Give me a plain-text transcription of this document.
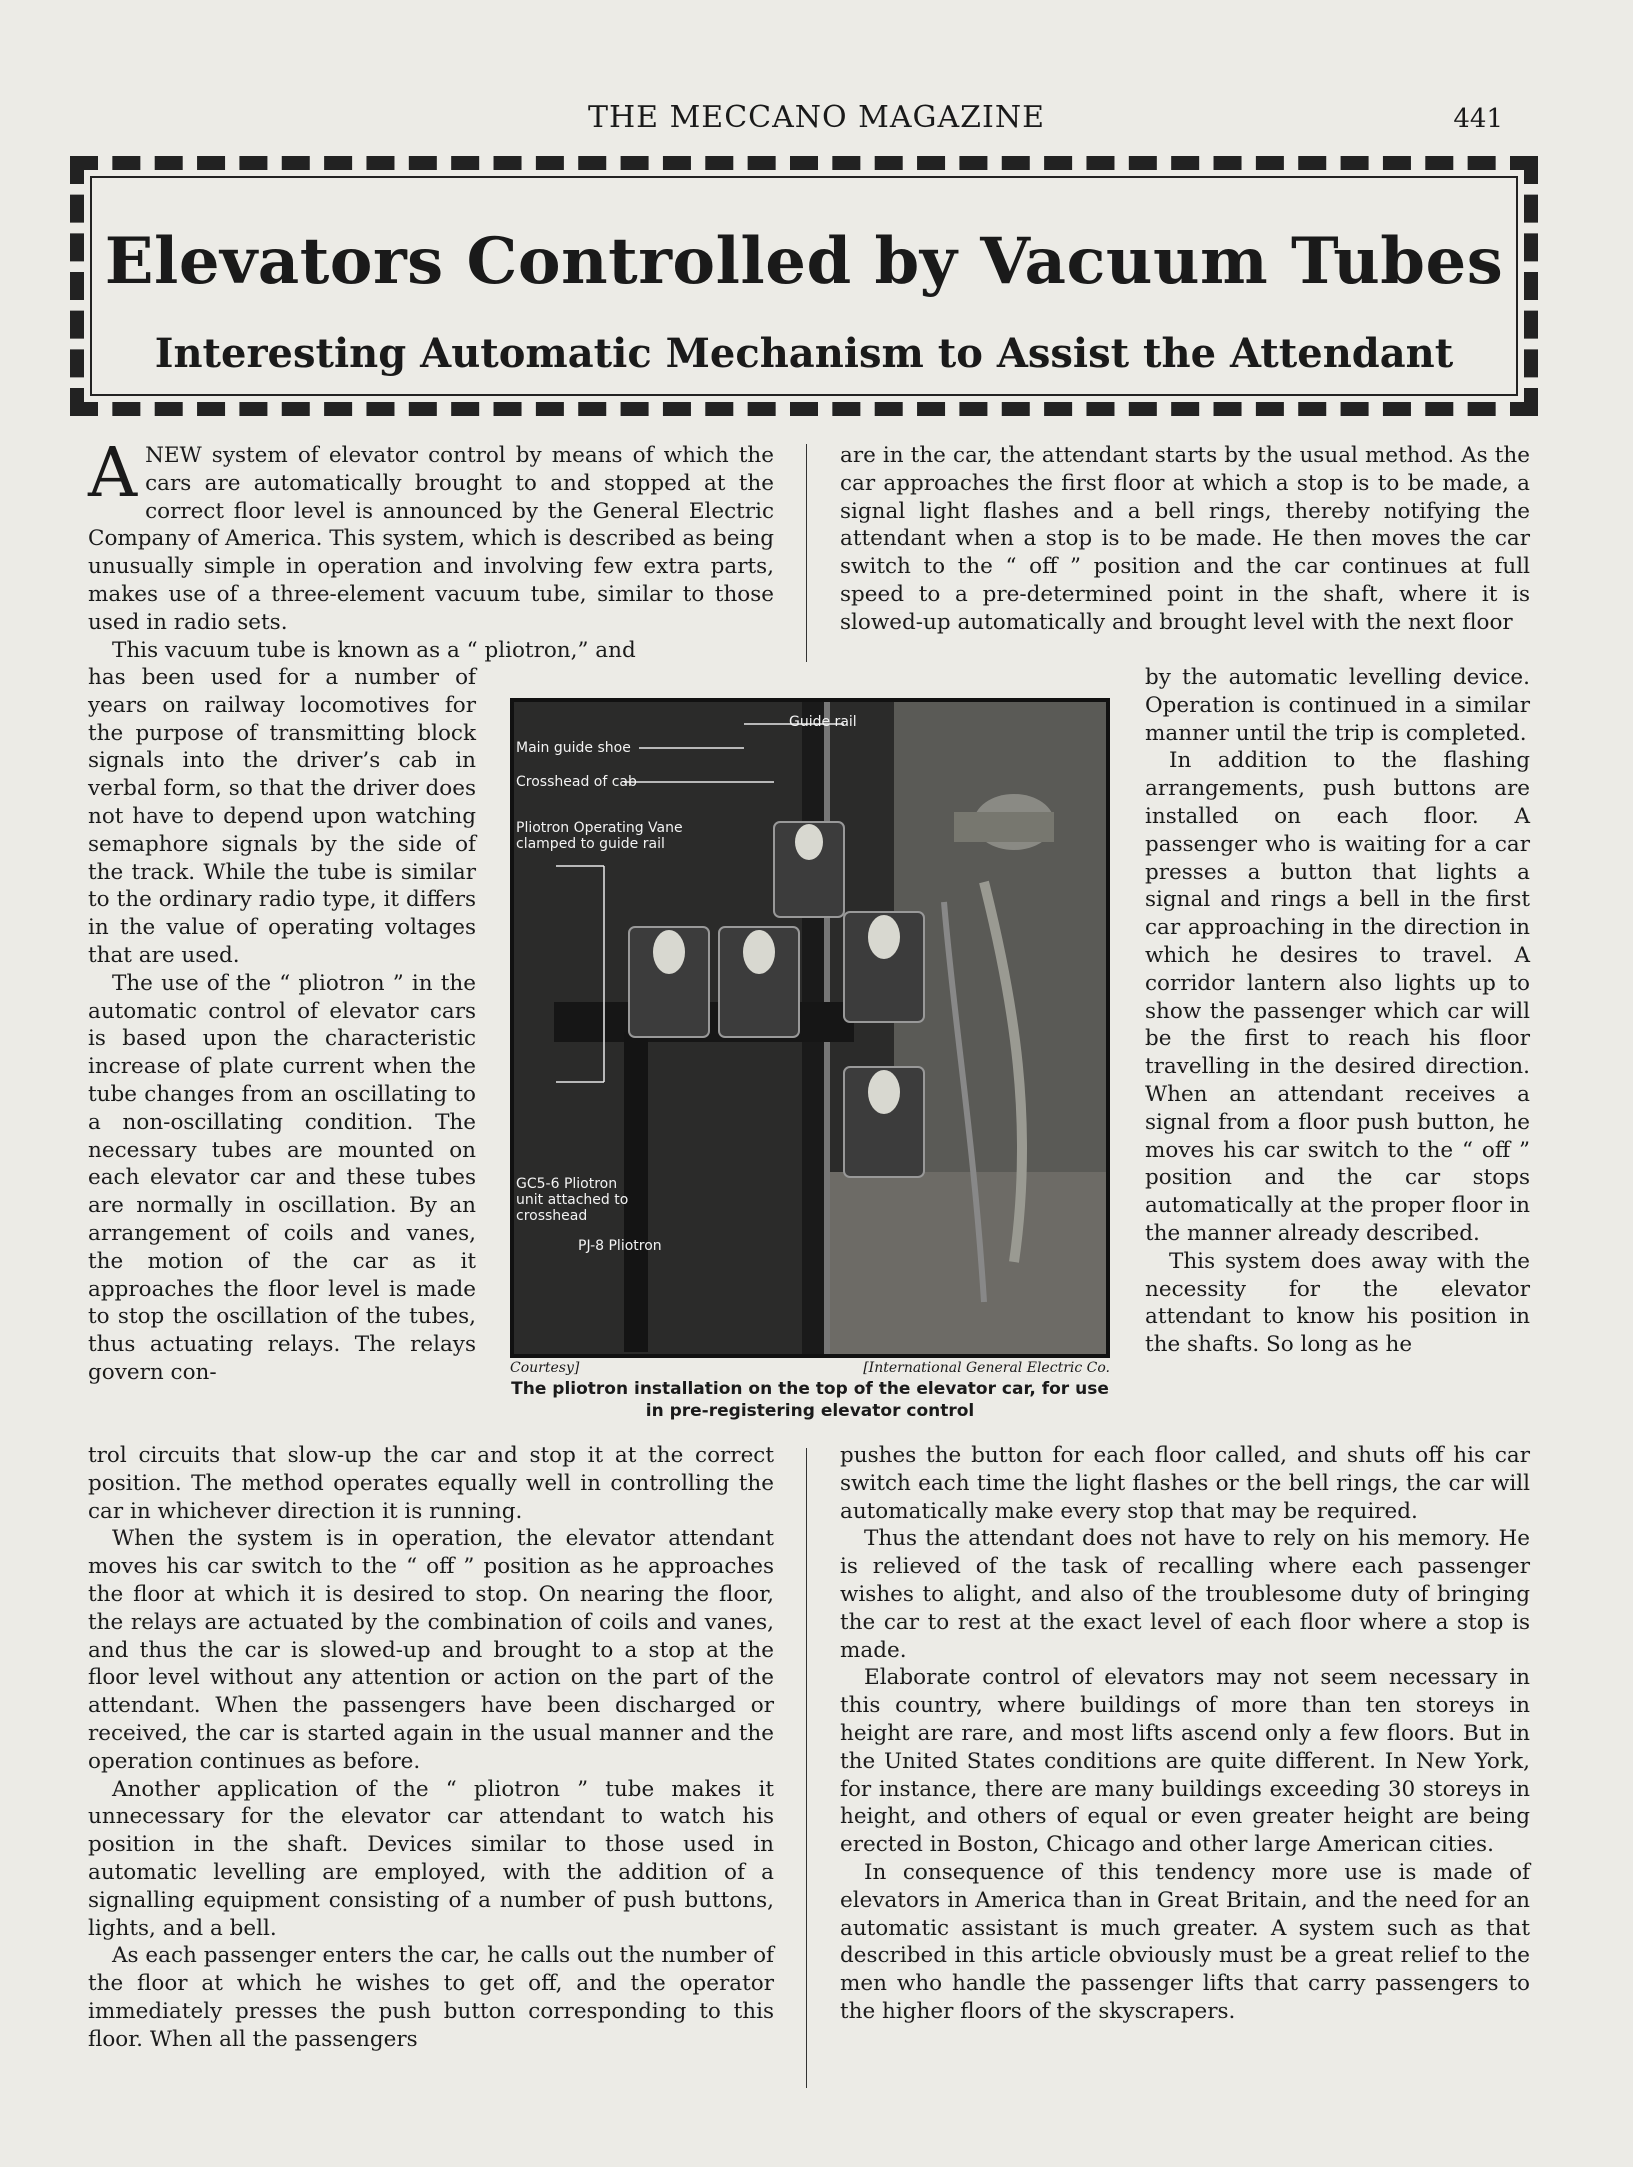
THE MECCANO MAGAZINE	441
Elevators Controlled by Vacuum Tubes
Interesting Automatic Mechanism to Assist the Attendant

ANEW system of elevator control by means of which the cars are automatically brought to and stopped at the correct floor level is announced by the General Electric Company of America. This system, which is described as being unusually simple in operation and involving few extra parts, makes use of a three-element vacuum tube, similar to those used in radio sets.

This vacuum tube is known as a “ pliotron,” and

has been used for a number of years on railway locomotives for the purpose of transmitting block signals into the driver’s cab in verbal form, so that the driver does not have to depend upon watching semaphore signals by the side of the track. While the tube is similar to the ordinary radio type, it differs in the value of operating voltages that are used.

The use of the “ pliotron ” in the automatic control of elevator cars is based upon the characteristic increase of plate current when the tube changes from an oscillating to a non-oscillating condition. The necessary tubes are mounted on each elevator car and these tubes are normally in oscillation. By an arrangement of coils and vanes, the motion of the car as it approaches the floor level is made to stop the oscillation of the tubes, thus actuating relays. The relays govern con-

trol circuits that slow-up the car and stop it at the correct position. The method operates equally well in controlling the car in whichever direction it is running.

When the system is in operation, the elevator attendant moves his car switch to the “ off ” position as he approaches the floor at which it is desired to stop. On nearing the floor, the relays are actuated by the combination of coils and vanes, and thus the car is slowed-up and brought to a stop at the floor level without any attention or action on the part of the attendant. When the passengers have been discharged or received, the car is started again in the usual manner and the operation continues as before.

Another application of the “ pliotron ” tube makes it unnecessary for the elevator car attendant to watch his position in the shaft. Devices similar to those used in automatic levelling are employed, with the addition of a signalling equipment consisting of a number of push buttons, lights, and a bell.

As each passenger enters the car, he calls out the number of the floor at which he wishes to get off, and the operator immediately presses the push button corresponding to this floor. When all the passengers

are in the car, the attendant starts by the usual method. As the car approaches the first floor at which a stop is to be made, a signal light flashes and a bell rings, thereby notifying the attendant when a stop is to be made. He then moves the car switch to the “ off ” position and the car continues at full speed to a pre-determined point in the shaft, where it is slowed-up automatically and brought level with the next floor

by the automatic levelling device. Operation is continued in a similar manner until the trip is completed.

In addition to the flashing arrangements, push buttons are installed on each floor. A passenger who is waiting for a car presses a button that lights a signal and rings a bell in the first car approaching in the direction in which he desires to travel. A corridor lantern also lights up to show the passenger which car will be the first to reach his floor travelling in the desired direction. When an attendant receives a signal from a floor push button, he moves his car switch to the “ off ” position and the car stops automatically at the proper floor in the manner already described.

This system does away with the necessity for the elevator attendant to know his position in the shafts. So long as he

pushes the button for each floor called, and shuts off his car switch each time the light flashes or the bell rings, the car will automatically make every stop that may be required.

Thus the attendant does not have to rely on his memory. He is relieved of the task of recalling where each passenger wishes to alight, and also of the troublesome duty of bringing the car to rest at the exact level of each floor where a stop is made.

Elaborate control of elevators may not seem necessary in this country, where buildings of more than ten storeys in height are rare, and most lifts ascend only a few floors. But in the United States conditions are quite different. In New York, for instance, there are many buildings exceeding 30 storeys in height, and others of equal or even greater height are being erected in Boston, Chicago and other large American cities.

In consequence of this tendency more use is made of elevators in America than in Great Britain, and the need for an automatic assistant is much greater. A system such as that described in this article obviously must be a great relief to the men who handle the passenger lifts that carry passengers to the higher floors of the skyscrapers.

Guide rail
Main guide shoe
Crosshead of cab
Pliotron Operating Vane clamped to guide rail
GC5-6 Pliotron unit attached to crosshead
PJ-8 Pliotron
Courtesy]	[International General Electric Co.
The pliotron installation on the top of the elevator car, for use in pre-registering elevator control
